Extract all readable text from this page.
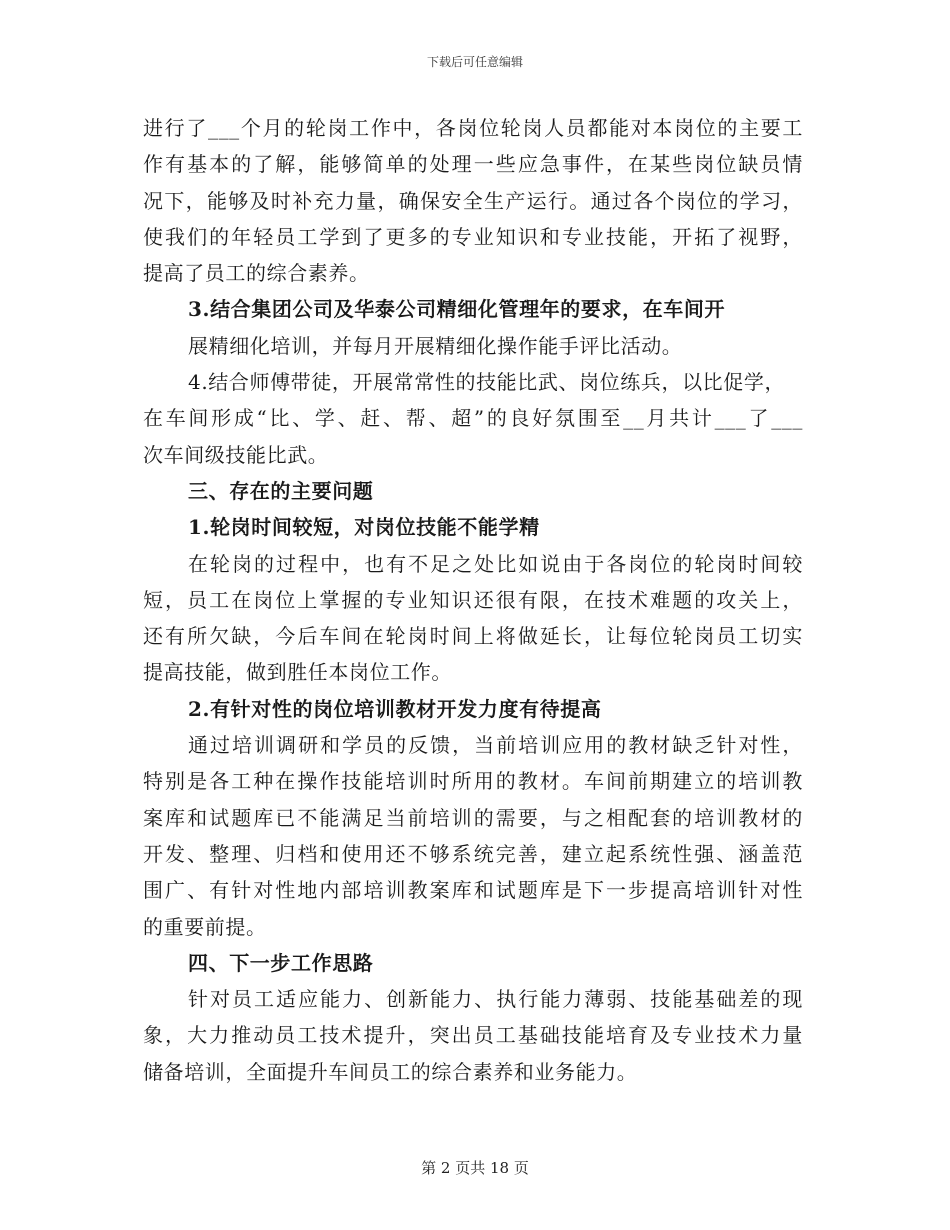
下载后可任意编辑
进行了___个月的轮岗工作中，各岗位轮岗人员都能对本岗位的主要工
作有基本的了解，能够简单的处理一些应急事件，在某些岗位缺员情
况下，能够及时补充力量，确保安全生产运行。通过各个岗位的学习，
使我们的年轻员工学到了更多的专业知识和专业技能，开拓了视野，
提高了员工的综合素养。
3.结合集团公司及华泰公司精细化管理年的要求，在车间开
展精细化培训，并每月开展精细化操作能手评比活动。
4.结合师傅带徒，开展常常性的技能比武、岗位练兵，以比促学，
在车间形成“比、学、赶、帮、超”的良好氛围至__月共计___了___
次车间级技能比武。
三、存在的主要问题
1.轮岗时间较短，对岗位技能不能学精
在轮岗的过程中，也有不足之处比如说由于各岗位的轮岗时间较
短，员工在岗位上掌握的专业知识还很有限，在技术难题的攻关上，
还有所欠缺，今后车间在轮岗时间上将做延长，让每位轮岗员工切实
提高技能，做到胜任本岗位工作。
2.有针对性的岗位培训教材开发力度有待提高
通过培训调研和学员的反馈，当前培训应用的教材缺乏针对性，
特别是各工种在操作技能培训时所用的教材。车间前期建立的培训教
案库和试题库已不能满足当前培训的需要，与之相配套的培训教材的
开发、整理、归档和使用还不够系统完善，建立起系统性强、涵盖范
围广、有针对性地内部培训教案库和试题库是下一步提高培训针对性
的重要前提。
四、下一步工作思路
针对员工适应能力、创新能力、执行能力薄弱、技能基础差的现
象，大力推动员工技术提升，突出员工基础技能培育及专业技术力量
储备培训，全面提升车间员工的综合素养和业务能力。
第 2 页共 18 页
